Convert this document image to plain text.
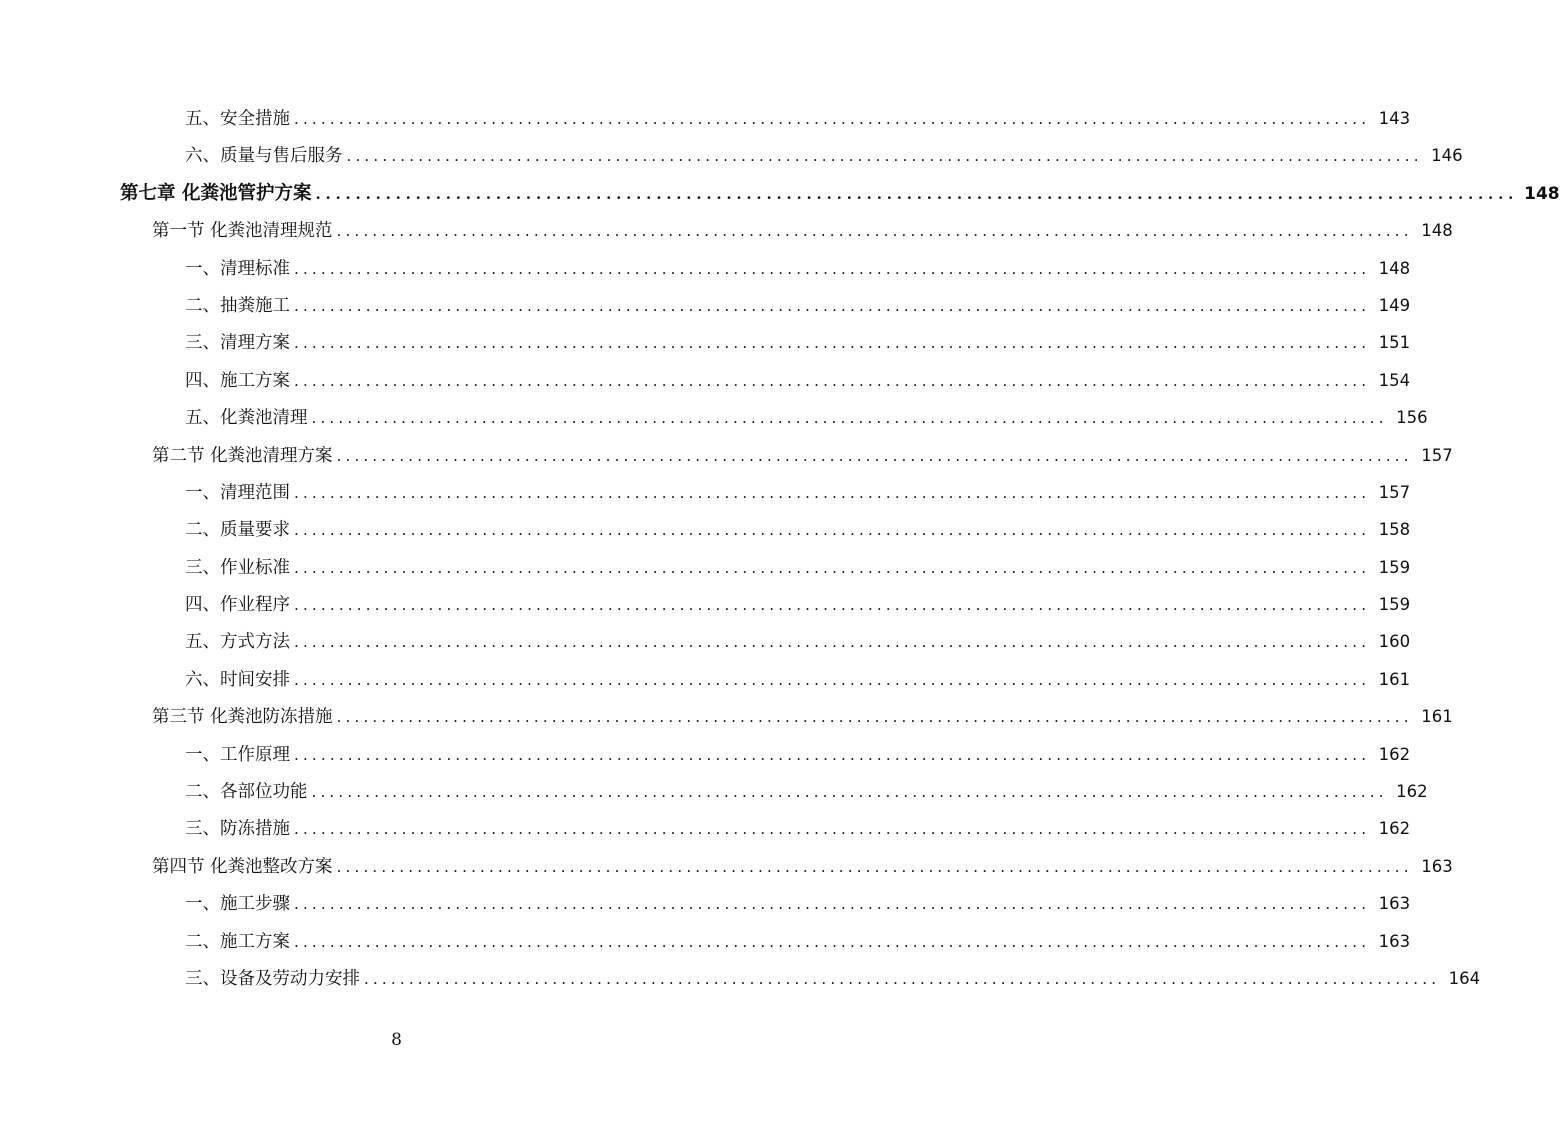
五、安全措施 ........................................................................................................................ 143
六、质量与售后服务 ........................................................................................................................ 146
第七章 化粪池管护方案 ........................................................................................................................ 148
第一节 化粪池清理规范 ........................................................................................................................ 148
一、清理标准 ........................................................................................................................ 148
二、抽粪施工 ........................................................................................................................ 149
三、清理方案 ........................................................................................................................ 151
四、施工方案 ........................................................................................................................ 154
五、化粪池清理 ........................................................................................................................ 156
第二节 化粪池清理方案 ........................................................................................................................ 157
一、清理范围 ........................................................................................................................ 157
二、质量要求 ........................................................................................................................ 158
三、作业标准 ........................................................................................................................ 159
四、作业程序 ........................................................................................................................ 159
五、方式方法 ........................................................................................................................ 160
六、时间安排 ........................................................................................................................ 161
第三节 化粪池防冻措施 ........................................................................................................................ 161
一、工作原理 ........................................................................................................................ 162
二、各部位功能 ........................................................................................................................ 162
三、防冻措施 ........................................................................................................................ 162
第四节 化粪池整改方案 ........................................................................................................................ 163
一、施工步骤 ........................................................................................................................ 163
二、施工方案 ........................................................................................................................ 163
三、设备及劳动力安排 ........................................................................................................................ 164
8
